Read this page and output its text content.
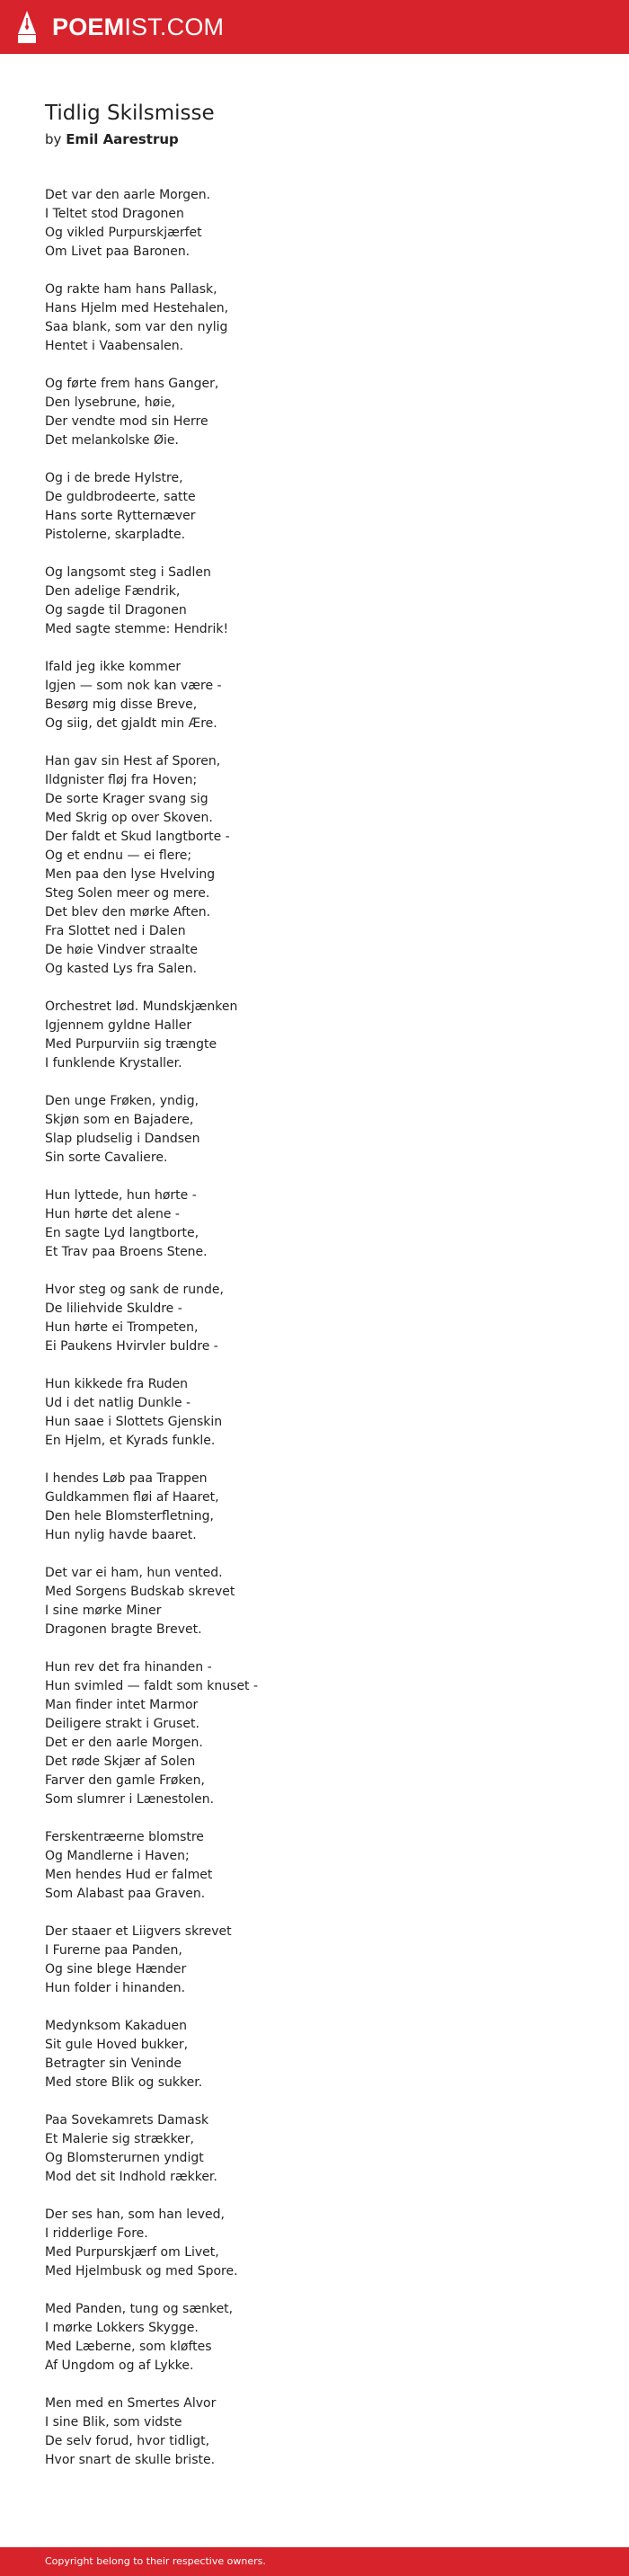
POEMIST.COM
Tidlig Skilsmisse
by Emil Aarestrup
Det var den aarle Morgen.
I Teltet stod Dragonen
Og vikled Purpurskjærfet
Om Livet paa Baronen.
Og rakte ham hans Pallask,
Hans Hjelm med Hestehalen,
Saa blank, som var den nylig
Hentet i Vaabensalen.
Og førte frem hans Ganger,
Den lysebrune, høie,
Der vendte mod sin Herre
Det melankolske Øie.
Og i de brede Hylstre,
De guldbrodeerte, satte
Hans sorte Rytternæver
Pistolerne, skarpladte.
Og langsomt steg i Sadlen
Den adelige Fændrik,
Og sagde til Dragonen
Med sagte stemme: Hendrik!
Ifald jeg ikke kommer
Igjen — som nok kan være -
Besørg mig disse Breve,
Og siig, det gjaldt min Ære.
Han gav sin Hest af Sporen,
Ildgnister fløj fra Hoven;
De sorte Krager svang sig
Med Skrig op over Skoven.
Der faldt et Skud langtborte -
Og et endnu — ei flere;
Men paa den lyse Hvelving
Steg Solen meer og mere.
Det blev den mørke Aften.
Fra Slottet ned i Dalen
De høie Vindver straalte
Og kasted Lys fra Salen.
Orchestret lød. Mundskjænken
Igjennem gyldne Haller
Med Purpurviin sig trængte
I funklende Krystaller.
Den unge Frøken, yndig,
Skjøn som en Bajadere,
Slap pludselig i Dandsen
Sin sorte Cavaliere.
Hun lyttede, hun hørte -
Hun hørte det alene -
En sagte Lyd langtborte,
Et Trav paa Broens Stene.
Hvor steg og sank de runde,
De liliehvide Skuldre -
Hun hørte ei Trompeten,
Ei Paukens Hvirvler buldre -
Hun kikkede fra Ruden
Ud i det natlig Dunkle -
Hun saae i Slottets Gjenskin
En Hjelm, et Kyrads funkle.
I hendes Løb paa Trappen
Guldkammen fløi af Haaret,
Den hele Blomsterfletning,
Hun nylig havde baaret.
Det var ei ham, hun vented.
Med Sorgens Budskab skrevet
I sine mørke Miner
Dragonen bragte Brevet.
Hun rev det fra hinanden -
Hun svimled — faldt som knuset -
Man finder intet Marmor
Deiligere strakt i Gruset.
Det er den aarle Morgen.
Det røde Skjær af Solen
Farver den gamle Frøken,
Som slumrer i Lænestolen.
Ferskentræerne blomstre
Og Mandlerne i Haven;
Men hendes Hud er falmet
Som Alabast paa Graven.
Der staaer et Liigvers skrevet
I Furerne paa Panden,
Og sine blege Hænder
Hun folder i hinanden.
Medynksom Kakaduen
Sit gule Hoved bukker,
Betragter sin Veninde
Med store Blik og sukker.
Paa Sovekamrets Damask
Et Malerie sig strækker,
Og Blomsterurnen yndigt
Mod det sit Indhold rækker.
Der ses han, som han leved,
I ridderlige Fore.
Med Purpurskjærf om Livet,
Med Hjelmbusk og med Spore.
Med Panden, tung og sænket,
I mørke Lokkers Skygge.
Med Læberne, som kløftes
Af Ungdom og af Lykke.
Men med en Smertes Alvor
I sine Blik, som vidste
De selv forud, hvor tidligt,
Hvor snart de skulle briste.
Copyright belong to their respective owners.
